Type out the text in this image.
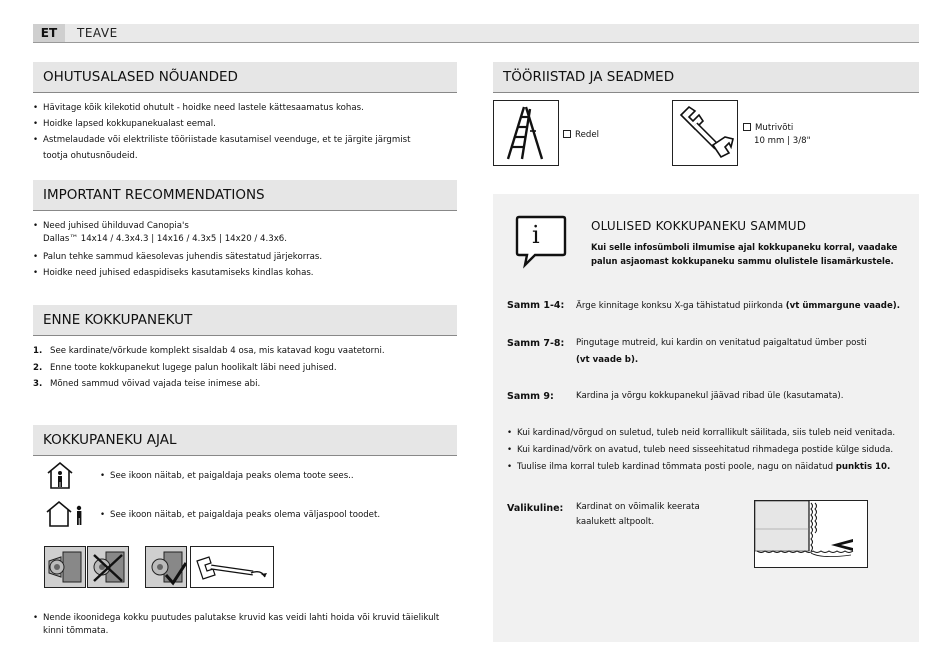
ET	TEAVE
OHUTUSALASED NÕUANDED
• Hävitage kõik kilekotid ohutult - hoidke need lastele kättesaamatus kohas.
• Hoidke lapsed kokkupanekualast eemal.
• Astmelaudade või elektriliste tööriistade kasutamisel veenduge, et te järgite järgmist
tootja ohutusnõudeid.
IMPORTANT RECOMMENDATIONS
• Need juhised ühilduvad Canopia's
Dallas™ 14x14 / 4.3x4.3 | 14x16 / 4.3x5 | 14x20 / 4.3x6.
• Palun tehke sammud käesolevas juhendis sätestatud järjekorras.
• Hoidke need juhised edaspidiseks kasutamiseks kindlas kohas.
ENNE KOKKUPANEKUT
1. See kardinate/võrkude komplekt sisaldab 4 osa, mis katavad kogu vaatetorni.
2. Enne toote kokkupanekut lugege palun hoolikalt läbi need juhised.
3. Mõned sammud võivad vajada teise inimese abi.
KOKKUPANEKU AJAL
• See ikoon näitab, et paigaldaja peaks olema toote sees..
• See ikoon näitab, et paigaldaja peaks olema väljaspool toodet.
• Nende ikoonidega kokku puutudes palutakse kruvid kas veidi lahti hoida või kruvid täielikult
kinni tõmmata.
TÖÖRIISTAD JA SEADMED
Redel
Mutrivõti
10 mm | 3/8"
i	OLULISED KOKKUPANEKU SAMMUD
Kui selle infosümboli ilmumise ajal kokkupaneku korral, vaadake
palun asjaomast kokkupaneku sammu olulistele lisamärkustele.
Samm 1-4: Ärge kinnitage konksu X-ga tähistatud piirkonda (vt ümmargune vaade).
Samm 7-8: Pingutage mutreid, kui kardin on venitatud paigaltatud ümber posti
(vt vaade b).
Samm 9:	Kardina ja võrgu kokkupanekul jäävad ribad üle (kasutamata).
• Kui kardinad/võrgud on suletud, tuleb neid korrallikult säilitada, siis tuleb neid venitada.
• Kui kardinad/võrk on avatud, tuleb need sisseehitatud rihmadega postide külge siduda.
• Tuulise ilma korral tuleb kardinad tõmmata posti poole, nagu on näidatud punktis 10.
Valikuline: Kardinat on võimalik keerata
kaalukett altpoolt.
